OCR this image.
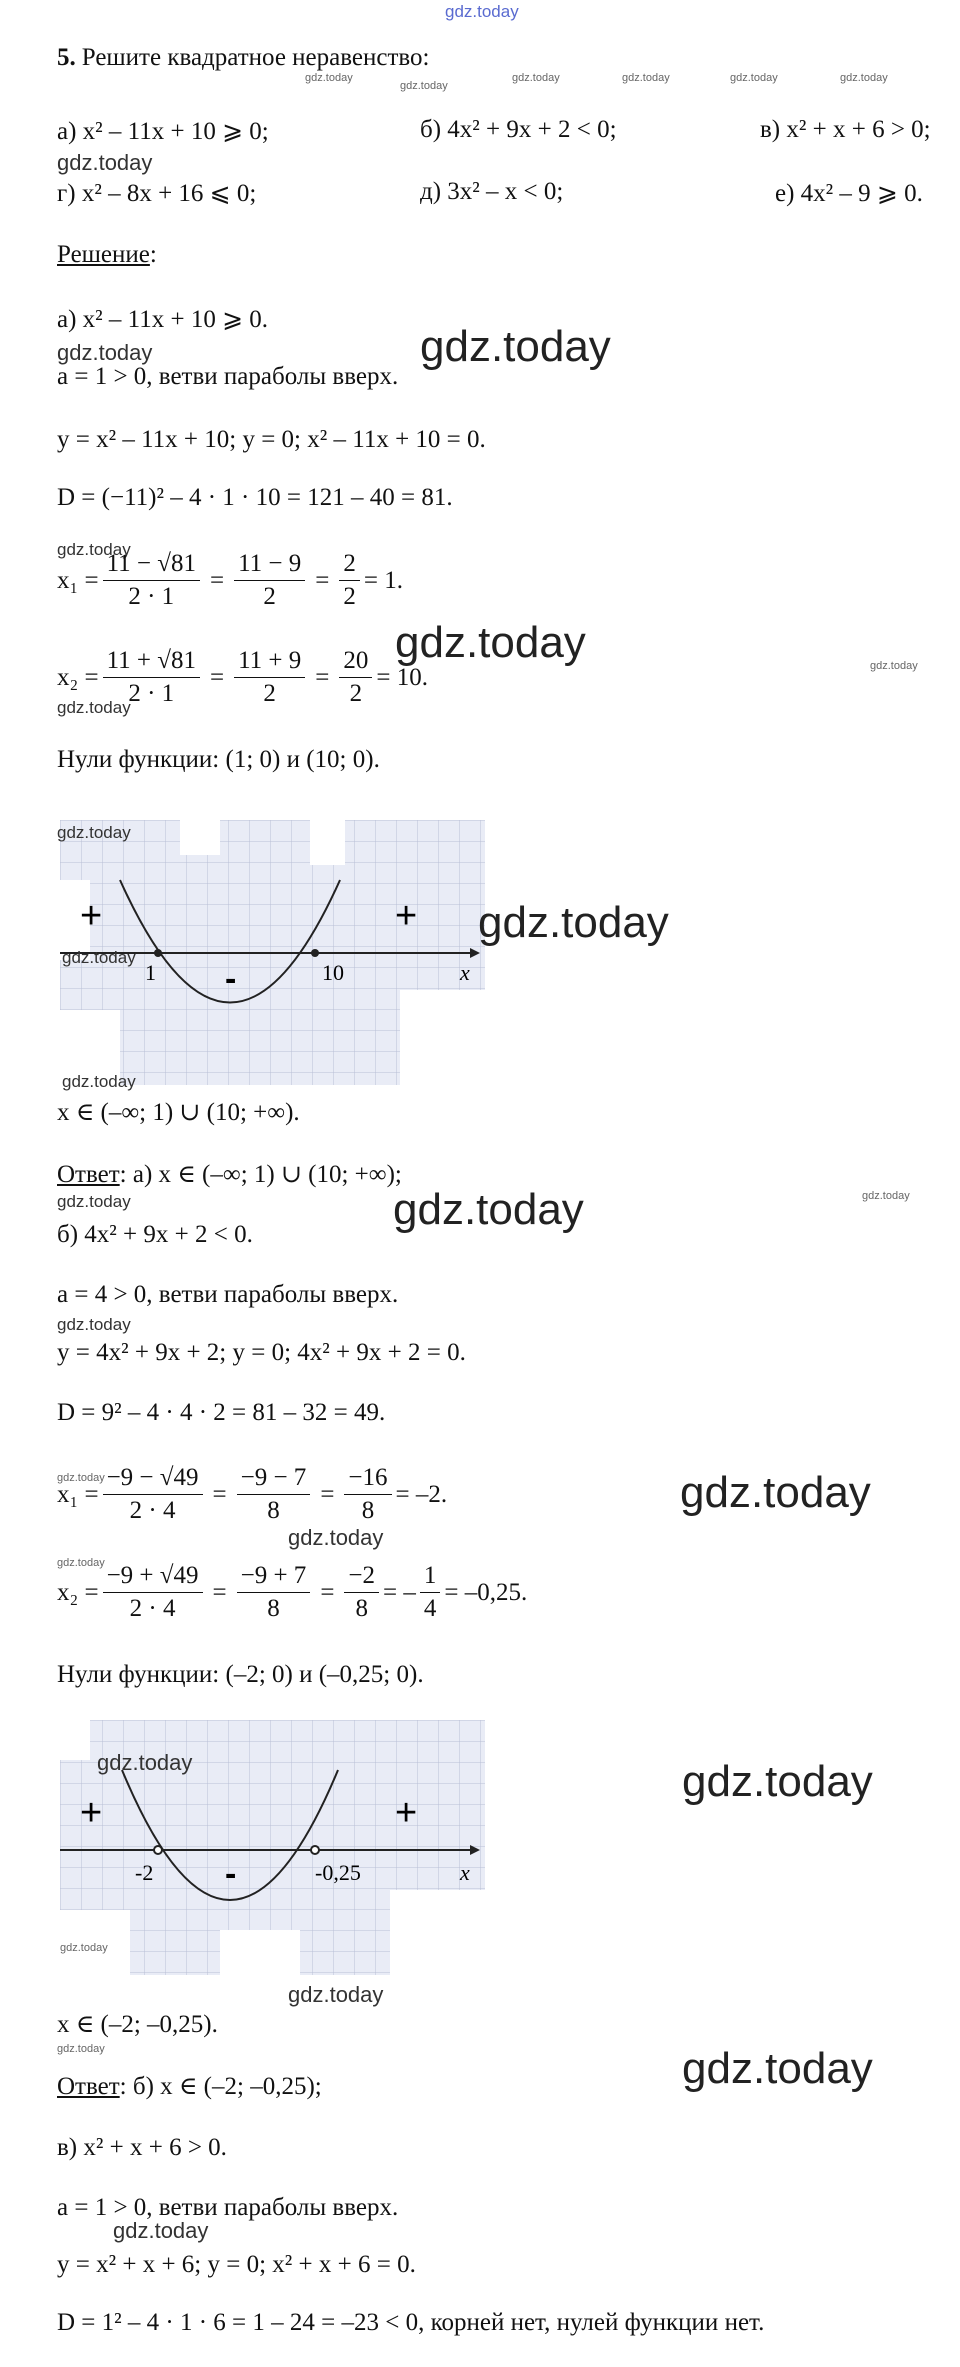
gdz.today
5. Решите квадратное неравенство:
gdz.today
gdz.today
gdz.today	gdz.today	gdz.today	gdz.today
а) x² – 11x + 10 ⩾ 0;	б) 4x² + 9x + 2 < 0;	в) x² + x + 6 > 0;
gdz.today
г) x² – 8x + 16 ⩽ 0;	д) 3x² – x < 0;	е) 4x² – 9 ⩾ 0.
Решение:
а) x² – 11x + 10 ⩾ 0.
gdz.today	gdz.today
a = 1 > 0, ветви параболы вверх.
y = x² – 11x + 10; y = 0; x² – 11x + 10 = 0.
D = (−11)² – 4 · 1 · 10 = 121 – 40 = 81.
gdz.today
$x_1 = \frac{11 - √81}{2 \cdot 1} = \frac{11 - 9}{2} = \frac{2}{2} = 1$.
gdz.today	gdz.today
$x_2 = \frac{11 + √81}{2 \cdot 1} = \frac{11 + 9}{2} = \frac{20}{2} = 10$.
gdz.today
Нули функции: (1; 0) и (10; 0).
1	10	x
+	+
-
gdz.today
gdz.today
gdz.today
gdz.today
x ∈ (–∞; 1) ∪ (10; +∞).
Ответ: а) x ∈ (–∞; 1) ∪ (10; +∞);
gdz.today	gdz.today	gdz.today
б) 4x² + 9x + 2 < 0.
a = 4 > 0, ветви параболы вверх.
gdz.today
y = 4x² + 9x + 2; y = 0; 4x² + 9x + 2 = 0.
D = 9² – 4 · 4 · 2 = 81 – 32 = 49.
gdz.today
$x_1 = \frac{-9 - √49}{2 \cdot 4} = \frac{-9 - 7}{8} = \frac{-16}{8} = -2$.	gdz.today
gdz.today
gdz.today
$x_2 = \frac{-9 + √49}{2 \cdot 4} = \frac{-9 + 7}{8} = \frac{-2}{8}$ = – $\frac{1}{4} = -0,25$.
Нули функции: (–2; 0) и (–0,25; 0).
-2	-0,25	x
+	+
-
gdz.today	gdz.today
gdz.today
gdz.today
x ∈ (–2; –0,25).
gdz.today	gdz.today
Ответ: б) x ∈ (–2; –0,25);
в) x² + x + 6 > 0.
a = 1 > 0, ветви параболы вверх.
gdz.today
y = x² + x + 6; y = 0; x² + x + 6 = 0.
D = 1² – 4 · 1 · 6 = 1 – 24 = –23 < 0, корней нет, нулей функции нет.
